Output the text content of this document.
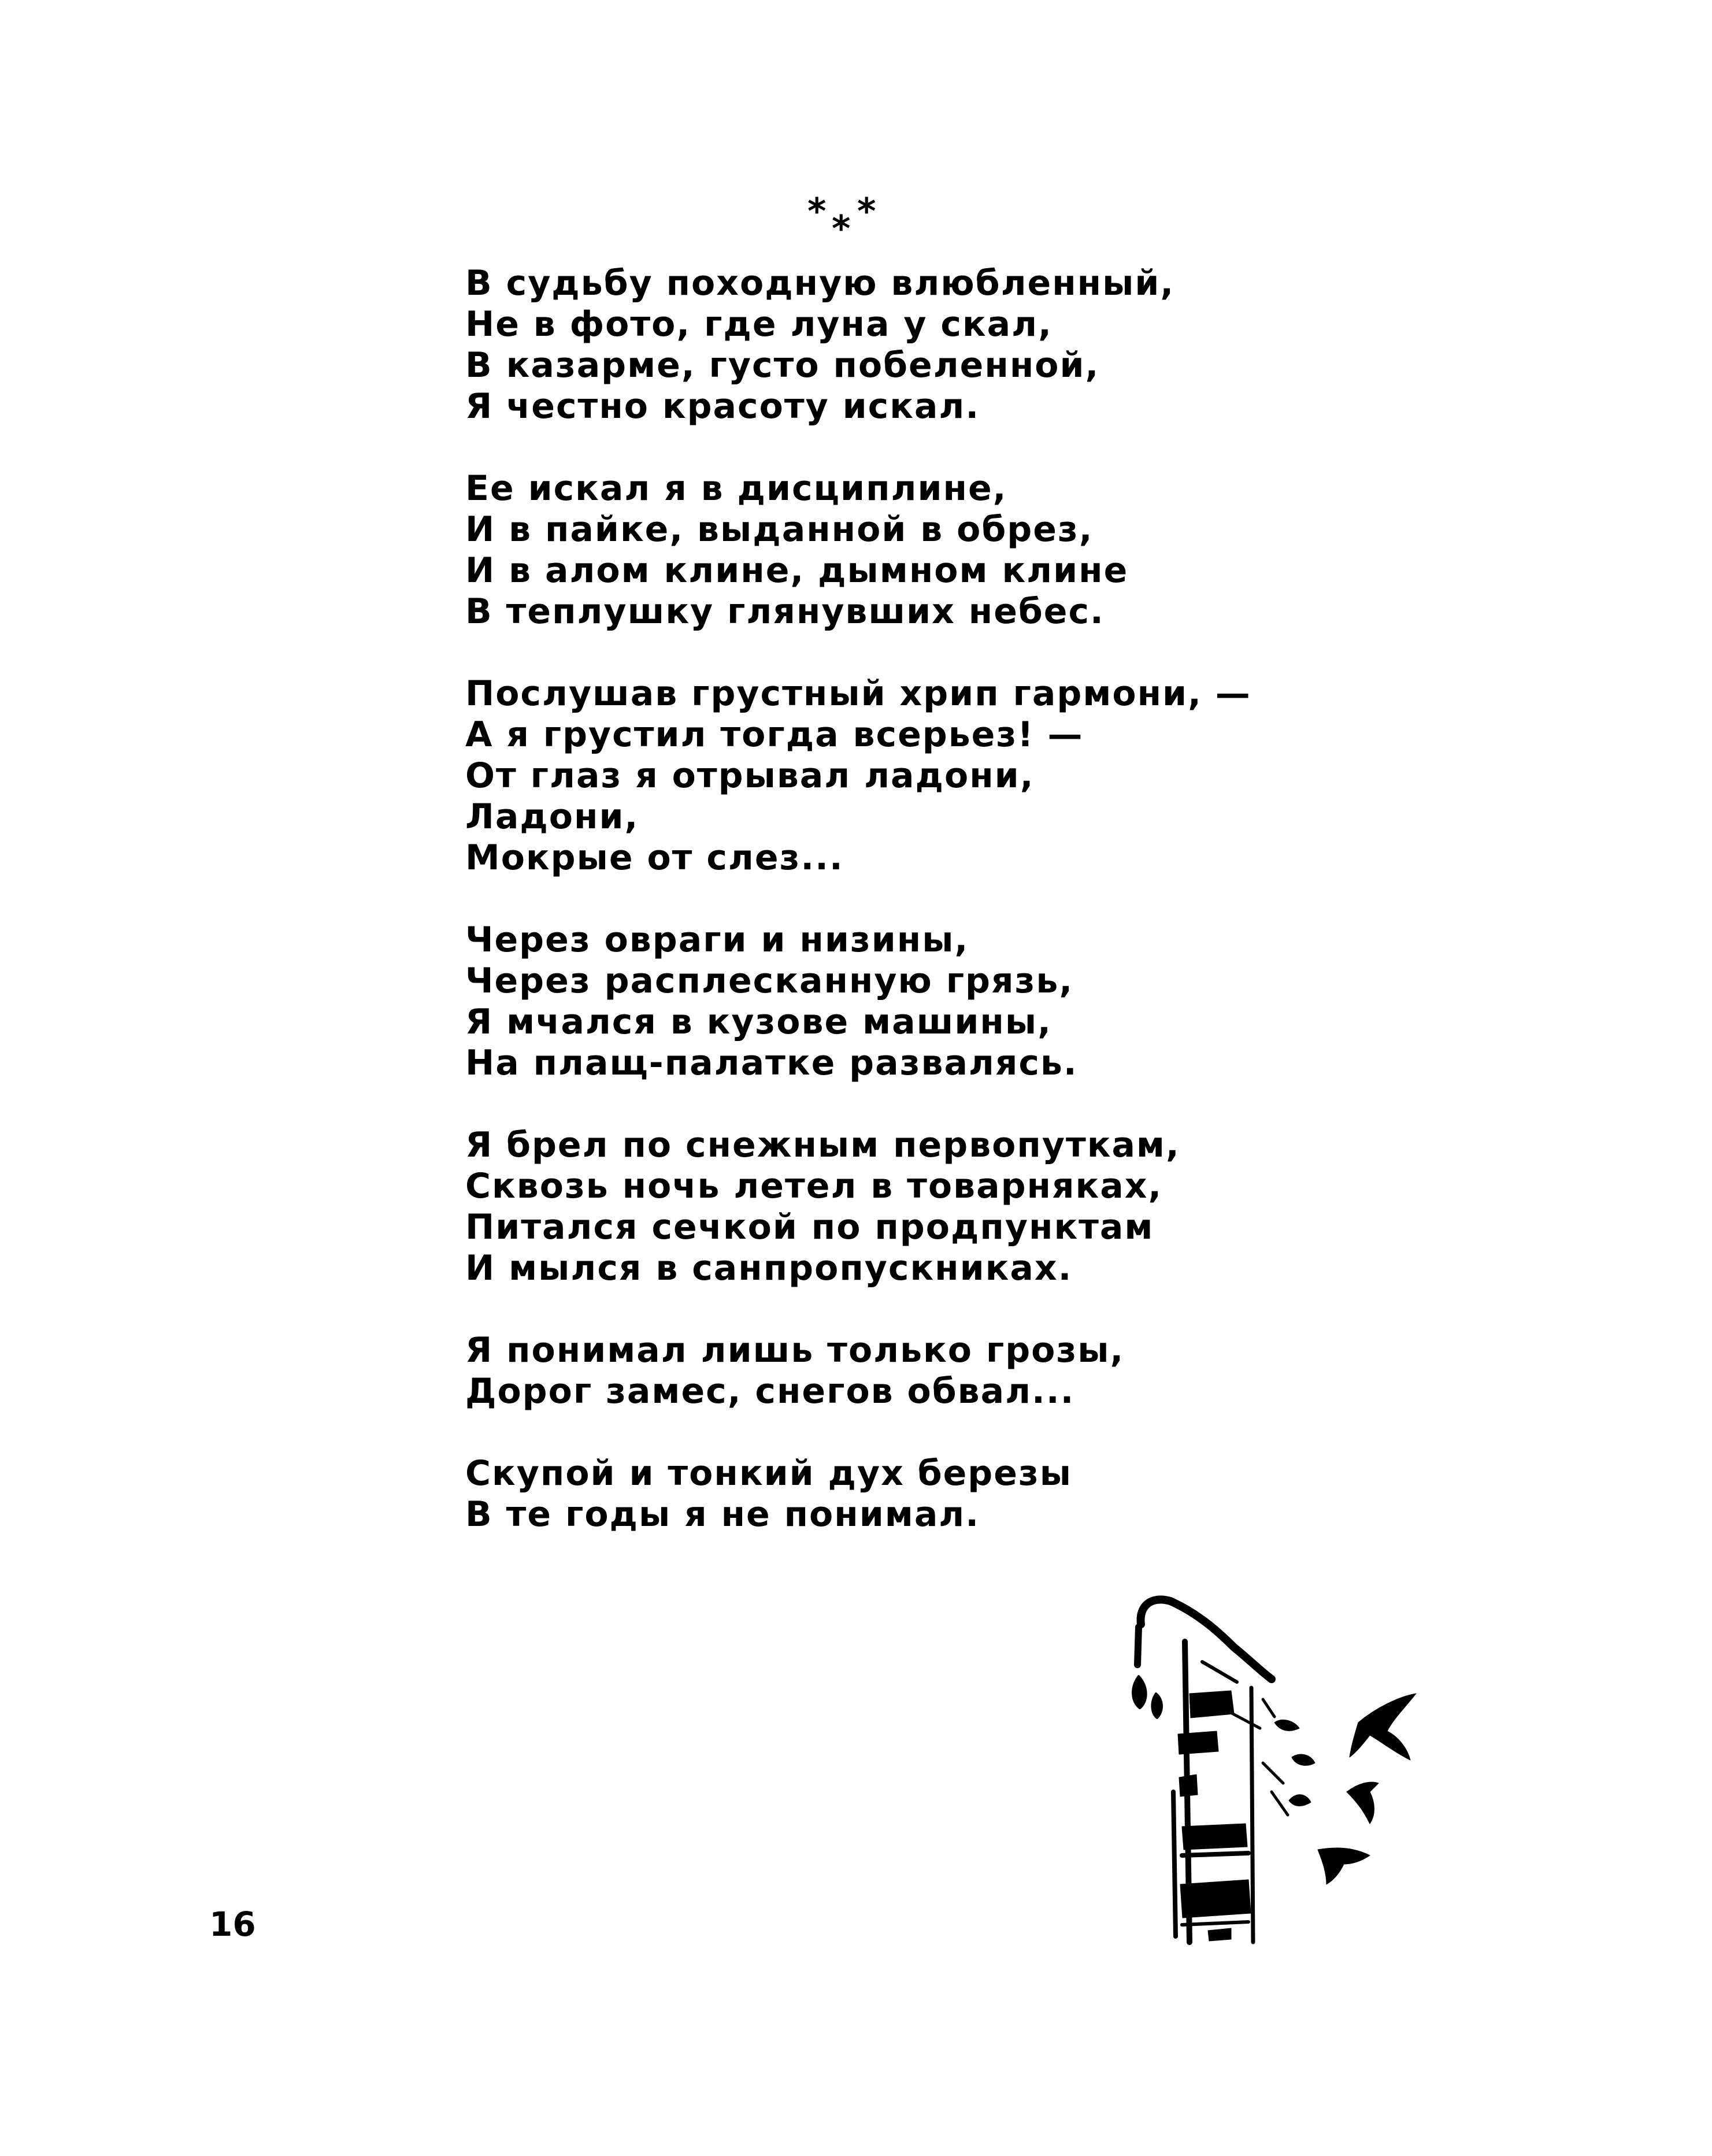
* * *
В судьбу походную влюбленный,
Не в фото, где луна у скал,
В казарме, густо побеленной,
Я честно красоту искал.
Ее искал я в дисциплине,
И в пайке, выданной в обрез,
И в алом клине, дымном клине
В теплушку глянувших небес.
Послушав грустный хрип гармони, —
А я грустил тогда всерьез! —
От глаз я отрывал ладони,
Ладони,
Мокрые от слез...
Через овраги и низины,
Через расплесканную грязь,
Я мчался в кузове машины,
На плащ-палатке развалясь.
Я брел по снежным первопуткам,
Сквозь ночь летел в товарняках,
Питался сечкой по продпунктам
И мылся в санпропускниках.
Я понимал лишь только грозы,
Дорог замес, снегов обвал...
Скупой и тонкий дух березы
В те годы я не понимал.
16
